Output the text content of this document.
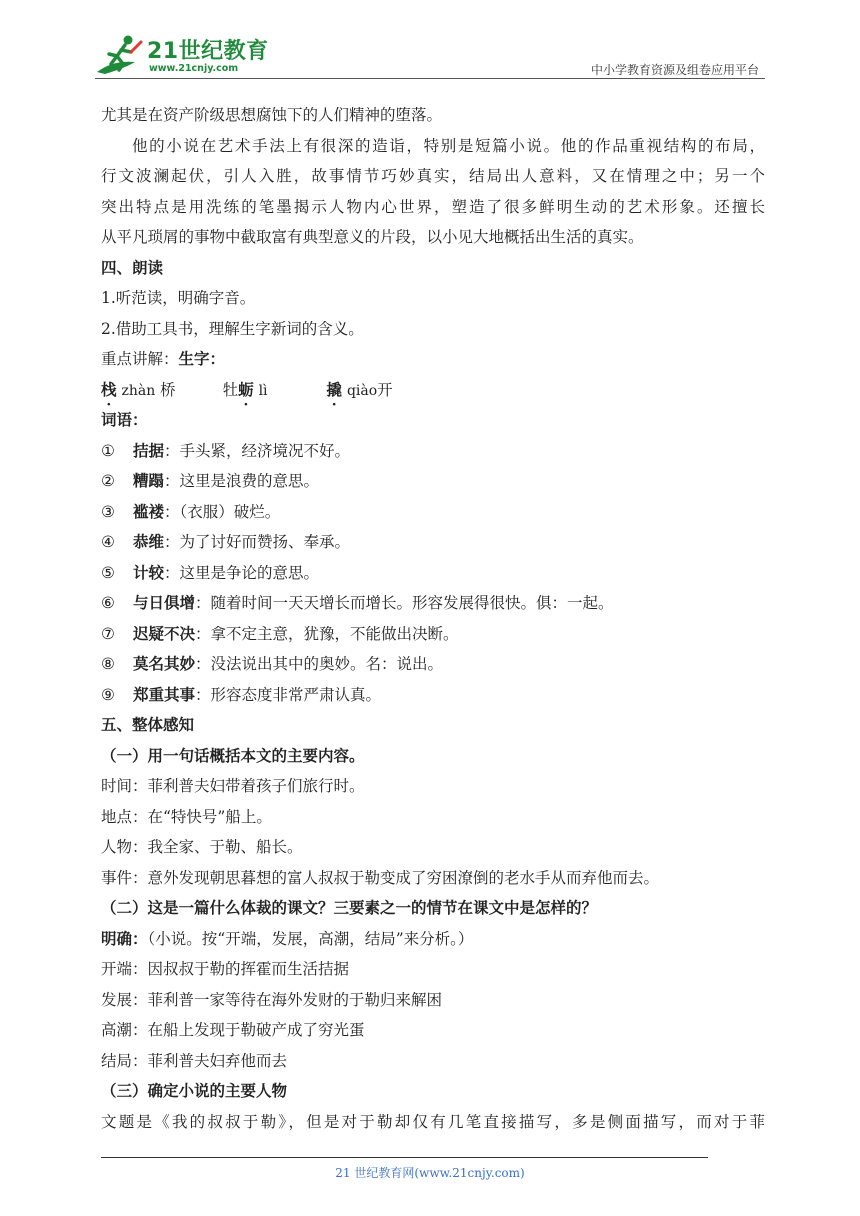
21世纪教育
www.21cnjy.com	中小学教育资源及组卷应用平台
尤其是在资产阶级思想腐蚀下的人们精神的堕落。
他的小说在艺术手法上有很深的造诣，特别是短篇小说。他的作品重视结构的布局，
行文波澜起伏，引人入胜，故事情节巧妙真实，结局出人意料，又在情理之中；另一个
突出特点是用洗练的笔墨揭示人物内心世界，塑造了很多鲜明生动的艺术形象。还擅长
从平凡琐屑的事物中截取富有典型意义的片段，以小见大地概括出生活的真实。
四、朗读
1.听范读，明确字音。
2.借助工具书，理解生字新词的含义。
重点讲解：生字：
栈 zhàn 桥	牡蛎 lì	撬 qiào开
词语：
① 拮据：手头紧，经济境况不好。
② 糟蹋：这里是浪费的意思。
③ 褴褛：（衣服）破烂。
④ 恭维：为了讨好而赞扬、奉承。
⑤ 计较：这里是争论的意思。
⑥ 与日俱增：随着时间一天天增长而增长。形容发展得很快。俱：一起。
⑦ 迟疑不决：拿不定主意，犹豫，不能做出决断。
⑧ 莫名其妙：没法说出其中的奥妙。名：说出。
⑨ 郑重其事：形容态度非常严肃认真。
五、整体感知
（一）用一句话概括本文的主要内容。
时间：菲利普夫妇带着孩子们旅行时。
地点：在“特快号”船上。
人物：我全家、于勒、船长。
事件：意外发现朝思暮想的富人叔叔于勒变成了穷困潦倒的老水手从而弃他而去。
（二）这是一篇什么体裁的课文？三要素之一的情节在课文中是怎样的？
明确：（小说。按“开端，发展，高潮，结局”来分析。）
开端：因叔叔于勒的挥霍而生活拮据
发展：菲利普一家等待在海外发财的于勒归来解困
高潮：在船上发现于勒破产成了穷光蛋
结局：菲利普夫妇弃他而去
（三）确定小说的主要人物
文题是《我的叔叔于勒》，但是对于勒却仅有几笔直接描写，多是侧面描写，而对于菲
21 世纪教育网(www.21cnjy.com)
